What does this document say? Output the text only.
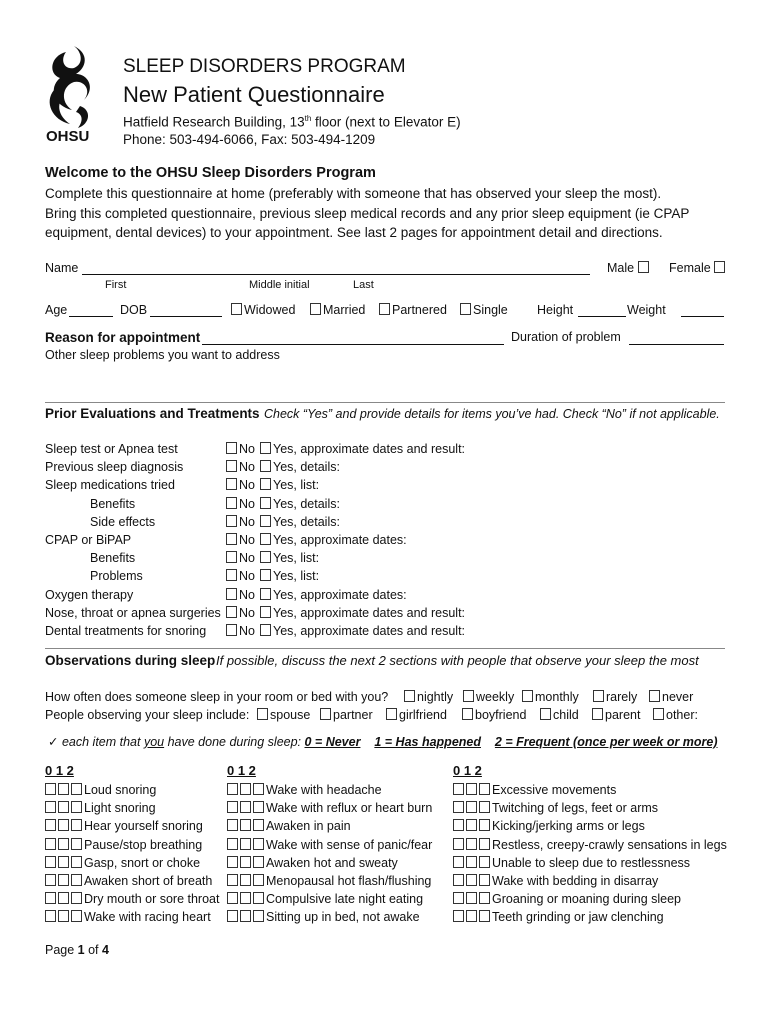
OHSU
SLEEP DISORDERS PROGRAM
New Patient Questionnaire
Hatfield Research Building, 13th floor (next to Elevator E)
Phone: 503-494-6066, Fax: 503-494-1209
Welcome to the OHSU Sleep Disorders Program
Complete this questionnaire at home (preferably with someone that has observed your sleep the most).
Bring this completed questionnaire, previous sleep medical records and any prior sleep equipment (ie CPAP
equipment, dental devices) to your appointment. See last 2 pages for appointment detail and directions.
Name	Male	Female
First	Middle initial	Last
Age	DOB	Widowed	Married	Partnered	Single Height	Weight
Reason for appointment	Duration of problem
Other sleep problems you want to address
Prior Evaluations and Treatments Check “Yes” and provide details for items you’ve had. Check “No” if not applicable.
Sleep test or Apnea test	No	Yes, approximate dates and result:
Previous sleep diagnosis	No	Yes, details:
Sleep medications tried	No	Yes, list:
Benefits	No	Yes, details:
Side effects	No	Yes, details:
CPAP or BiPAP	No	Yes, approximate dates:
Benefits	No	Yes, list:
Problems	No	Yes, list:
Oxygen therapy	No	Yes, approximate dates:
Nose, throat or apnea surgeries	No	Yes, approximate dates and result:
Dental treatments for snoring	No	Yes, approximate dates and result:
Observations during sleep If possible, discuss the next 2 sections with people that observe your sleep the most
How often does someone sleep in your room or bed with you?	nightly	weekly	monthly	rarely	never
People observing your sleep include:	spouse	partner	girlfriend	boyfriend	child	parent	other:
✓ each item that you have done during sleep: 0 = Never 1 = Has happened 2 = Frequent (once per week or more)
0 1 2	0 1 2	0 1 2
Loud snoring
Light snoring
Hear yourself snoring
Pause/stop breathing
Gasp, snort or choke
Awaken short of breath
Dry mouth or sore throat
Wake with racing heart
Wake with headache
Wake with reflux or heart burn
Awaken in pain
Wake with sense of panic/fear
Awaken hot and sweaty
Menopausal hot flash/flushing
Compulsive late night eating
Sitting up in bed, not awake
Excessive movements
Twitching of legs, feet or arms
Kicking/jerking arms or legs
Restless, creepy-crawly sensations in legs
Unable to sleep due to restlessness
Wake with bedding in disarray
Groaning or moaning during sleep
Teeth grinding or jaw clenching
Page 1 of 4
